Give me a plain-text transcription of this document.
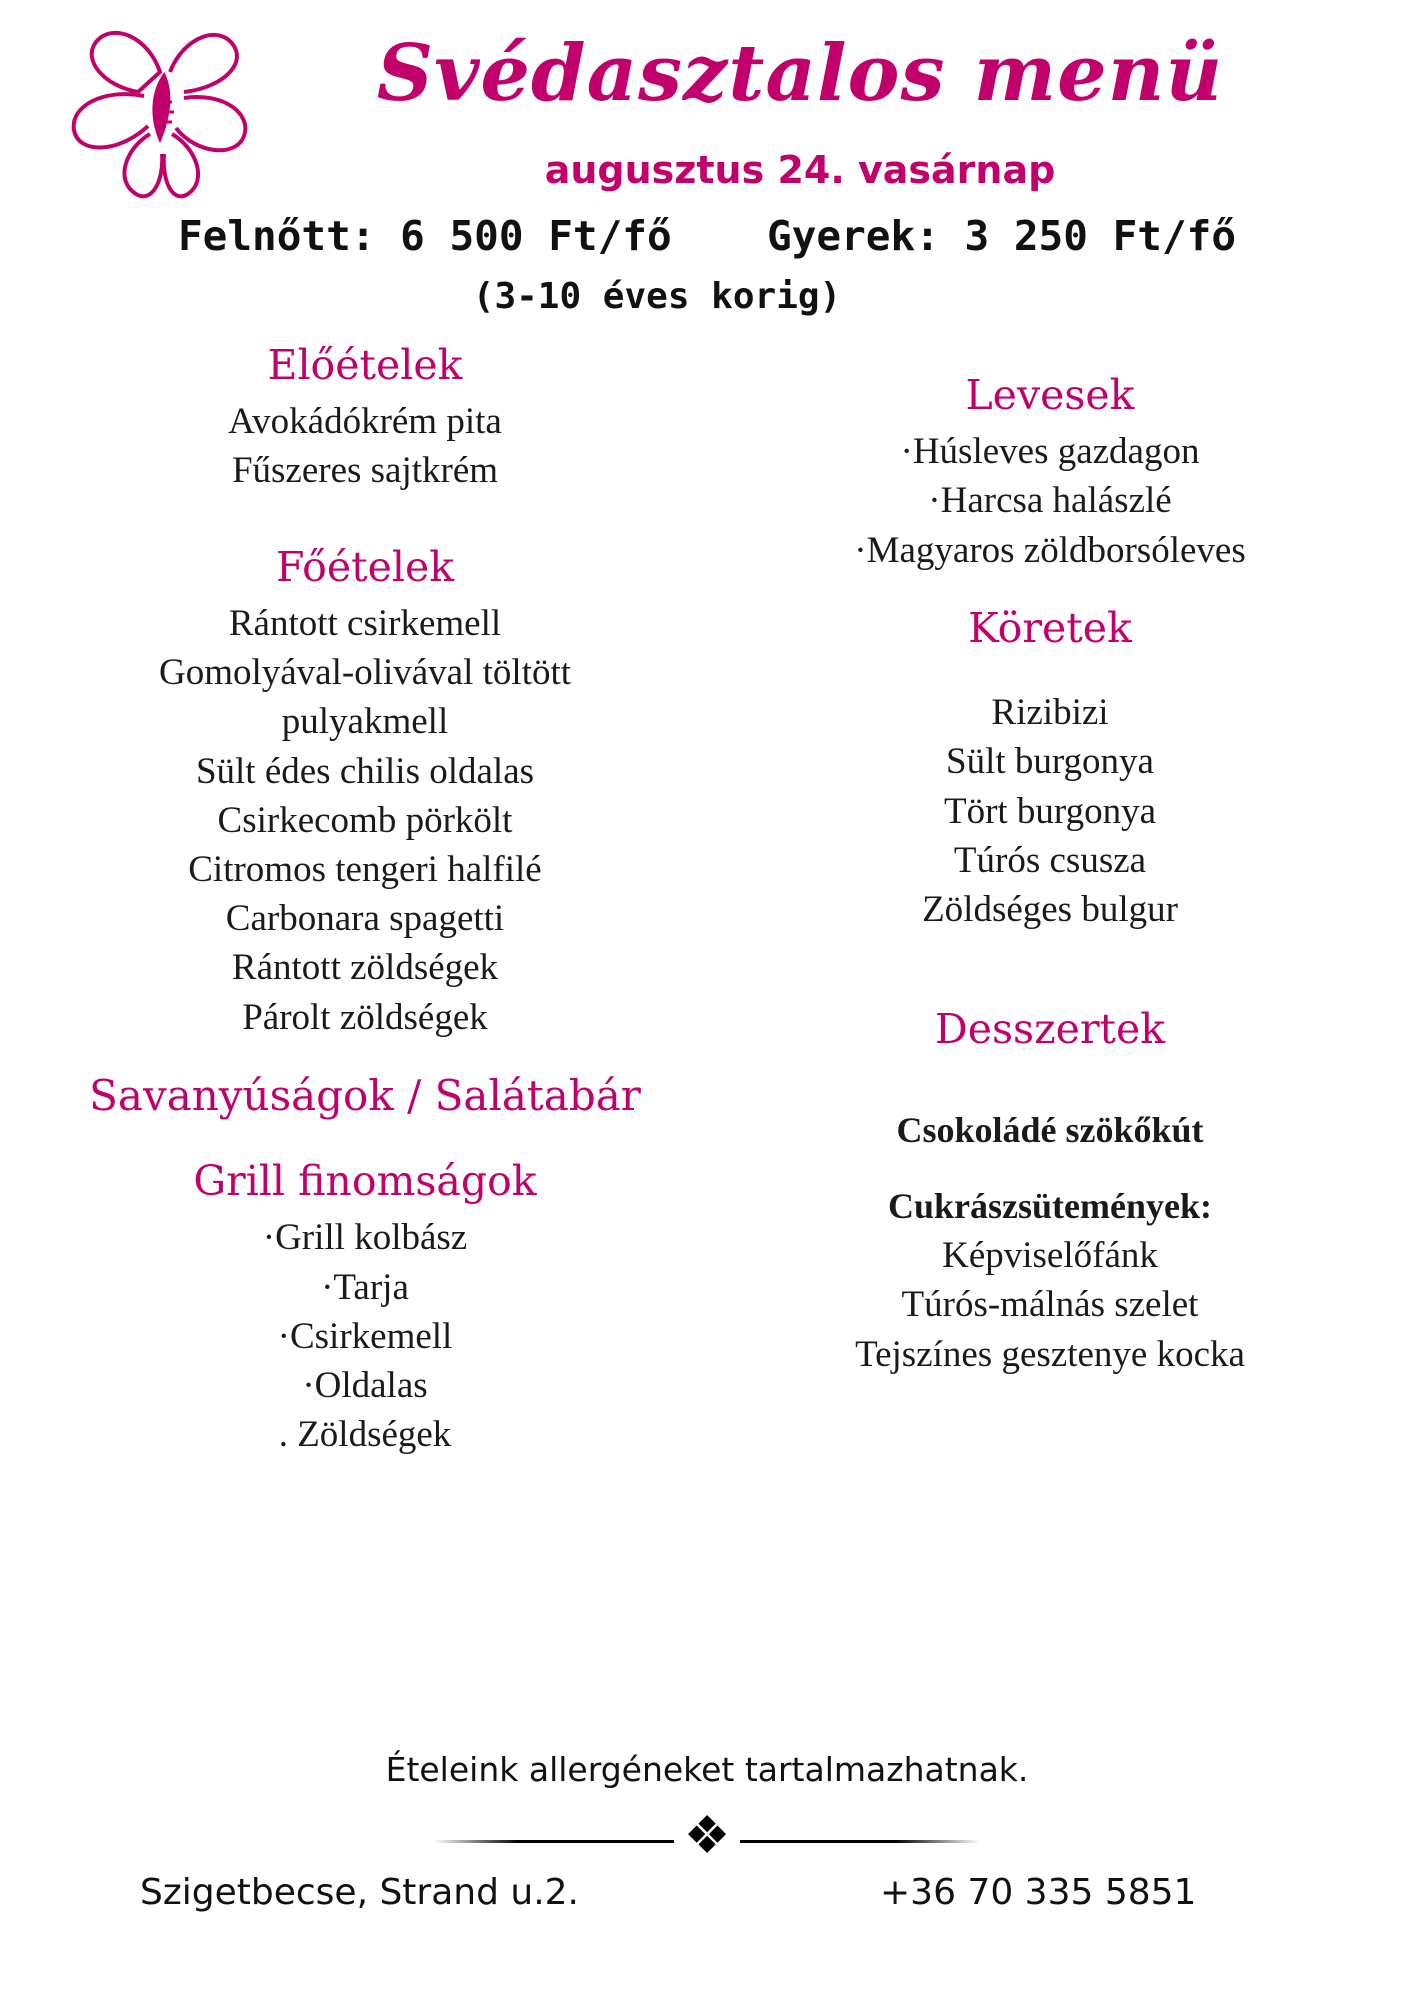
Svédasztalos menü
augusztus 24. vasárnap
Felnőtt: 6 500 Ft/fő Gyerek: 3 250 Ft/fő
(3-10 éves korig)
Előételek
Avokádókrém pita
Fűszeres sajtkrém
Főételek
Rántott csirkemell
Gomolyával-olivával töltött
pulyakmell
Sült édes chilis oldalas
Csirkecomb pörkölt
Citromos tengeri halfilé
Carbonara spagetti
Rántott zöldségek
Párolt zöldségek
Savanyúságok / Salátabár
Grill finomságok
·Grill kolbász
·Tarja
·Csirkemell
·Oldalas
. Zöldségek
Levesek
·Húsleves gazdagon
·Harcsa halászlé
·Magyaros zöldborsóleves
Köretek
Rizibizi
Sült burgonya
Tört burgonya
Túrós csusza
Zöldséges bulgur
Desszertek
Csokoládé szökőkút
Cukrászsütemények:
Képviselőfánk
Túrós-málnás szelet
Tejszínes gesztenye kocka
Ételeink allergéneket tartalmazhatnak.
❖
Szigetbecse, Strand u.2.	+36 70 335 5851
